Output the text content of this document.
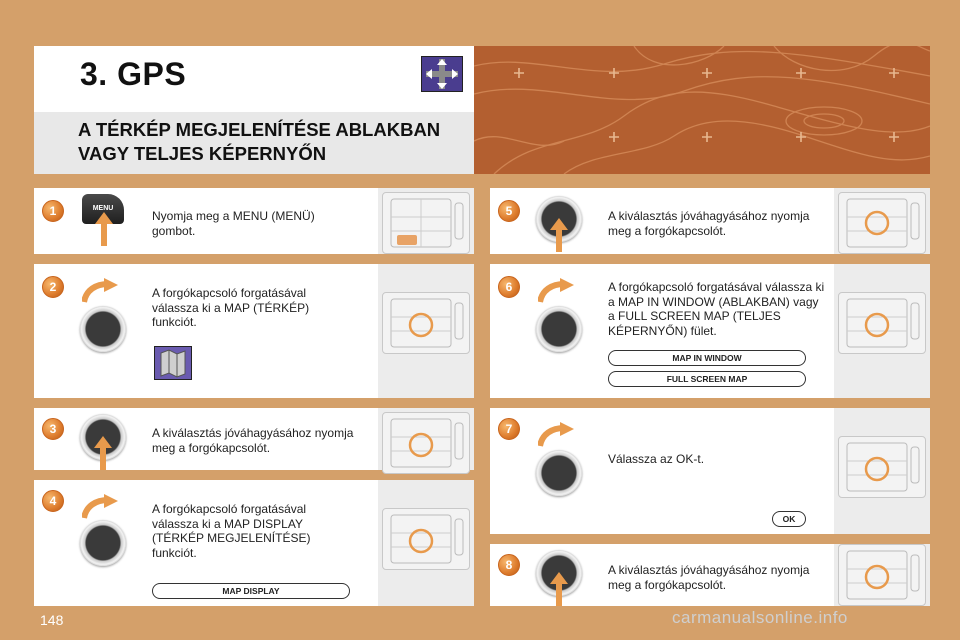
3. GPS
A TÉRKÉP MEGJELENÍTÉSE ABLAKBAN
VAGY TELJES KÉPERNYŐN
1	MENU
Nyomja meg a MENU (MENÜ) gombot.
2	A forgókapcsoló forgatásával válassza ki a MAP (TÉRKÉP) funkciót.
3	A kiválasztás jóváhagyásához nyomja meg a forgókapcsolót.
4
A forgókapcsoló forgatásával válassza ki a MAP DISPLAY (TÉRKÉP MEGJELENÍTÉSE) funkciót.
MAP DISPLAY
5	A kiválasztás jóváhagyásához nyomja meg a forgókapcsolót.
6	A forgókapcsoló forgatásával válassza ki a MAP IN WINDOW (ABLAKBAN) vagy a FULL SCREEN MAP (TELJES KÉPERNYŐN) fület.
MAP IN WINDOW
FULL SCREEN MAP
7
Válassza az OK-t.
OK
8	A kiválasztás jóváhagyásához nyomja meg a forgókapcsolót.
148	carmanualsonline.info
